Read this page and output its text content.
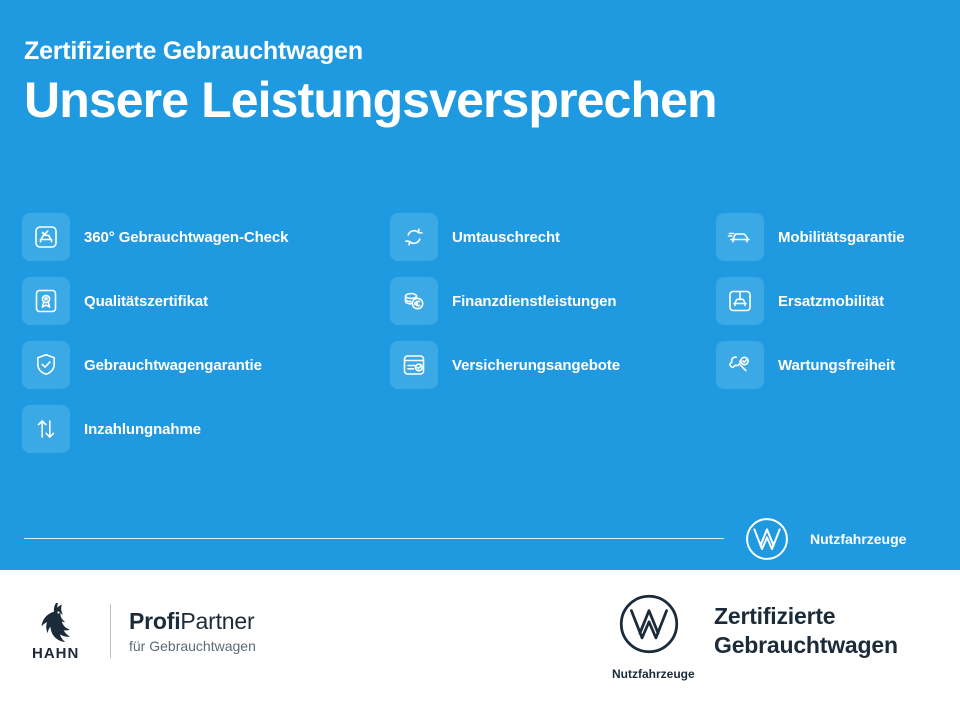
Zertifizierte Gebrauchtwagen
Unsere Leistungsversprechen
360° Gebrauchtwagen-Check	Umtauschrecht	Mobilitätsgarantie
Qualitätszertifikat	Finanzdienstleistungen	Ersatzmobilität
Gebrauchtwagengarantie	Versicherungsangebote	Wartungsfreiheit
Inzahlungnahme
Nutzfahrzeuge
HAHN
ProfiPartner
für Gebrauchtwagen
Nutzfahrzeuge
Zertifizierte
Gebrauchtwagen
